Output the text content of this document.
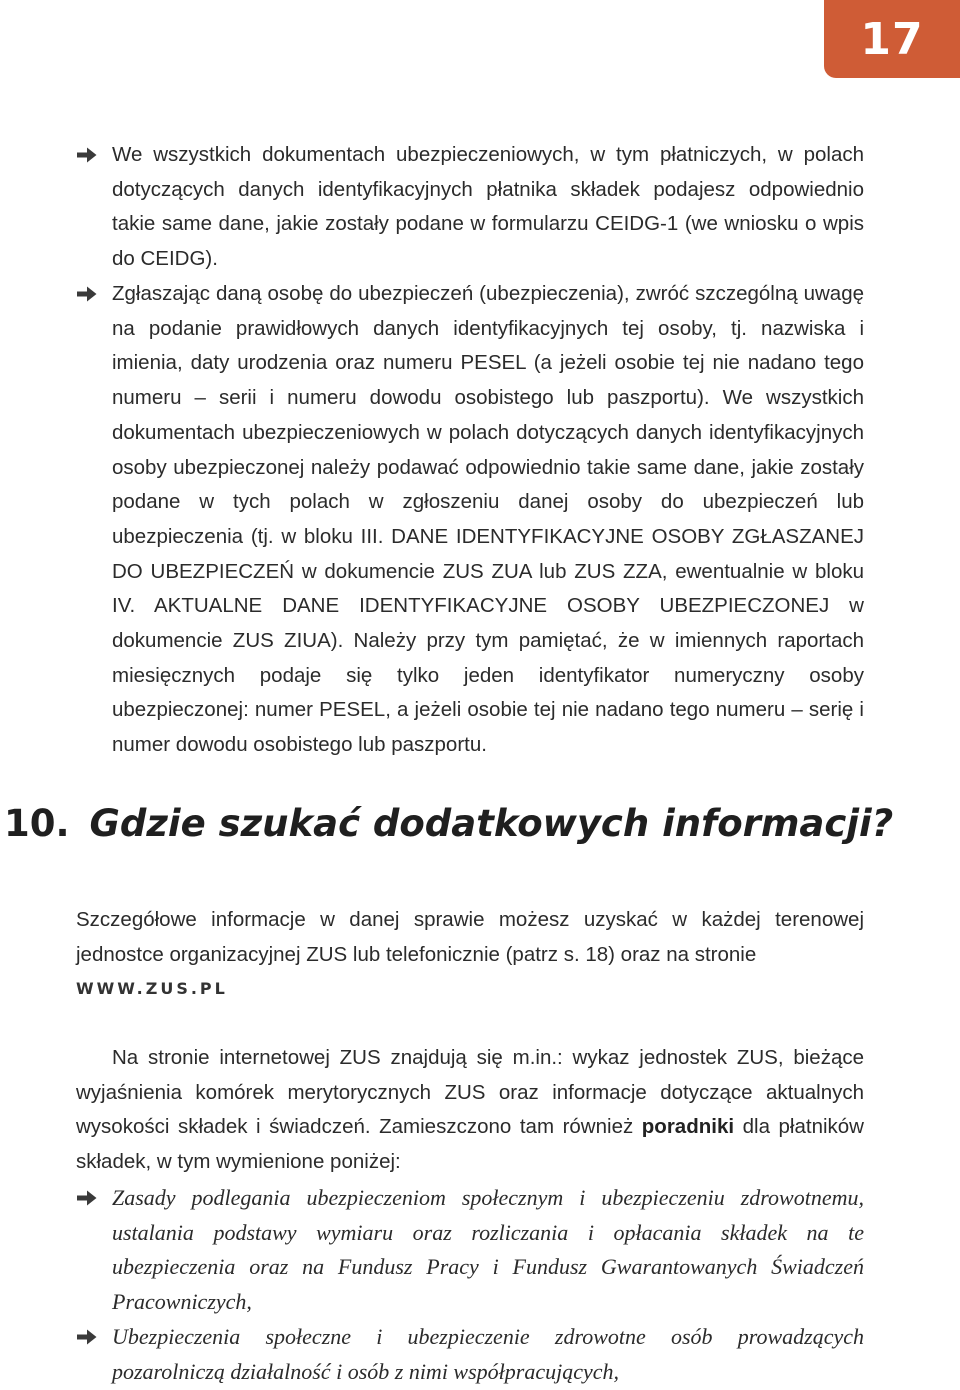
17
We wszystkich dokumentach ubezpieczeniowych, w tym płatniczych, w polach dotyczących danych identyfikacyjnych płatnika składek podajesz odpowiednio takie same dane, jakie zostały podane w formularzu CEIDG-1 (we wniosku o wpis do CEIDG).
Zgłaszając daną osobę do ubezpieczeń (ubezpieczenia), zwróć szczególną uwagę na podanie prawidłowych danych identyfikacyjnych tej osoby, tj. nazwiska i imienia, daty urodzenia oraz numeru PESEL (a jeżeli osobie tej nie nadano tego numeru – serii i numeru dowodu osobistego lub paszportu). We wszystkich dokumentach ubezpieczeniowych w polach dotyczących danych identyfikacyjnych osoby ubezpieczonej należy podawać odpowiednio takie same dane, jakie zostały podane w tych polach w zgłoszeniu danej osoby do ubezpieczeń lub ubezpieczenia (tj. w bloku III. DANE IDENTYFIKACYJNE OSOBY ZGŁASZANEJ DO UBEZPIECZEŃ w dokumencie ZUS ZUA lub ZUS ZZA, ewentualnie w bloku IV. AKTUALNE DANE IDENTYFIKACYJNE OSOBY UBEZPIECZONEJ w dokumencie ZUS ZIUA). Należy przy tym pamiętać, że w imiennych raportach miesięcznych podaje się tylko jeden identyfikator numeryczny osoby ubezpieczonej: numer PESEL, a jeżeli osobie tej nie nadano tego numeru – serię i numer dowodu osobistego lub paszportu.
10. Gdzie szukać dodatkowych informacji?
Szczegółowe informacje w danej sprawie możesz uzyskać w każdej terenowej jednostce organizacyjnej ZUS lub telefonicznie (patrz s. 18) oraz na stronie
WWW.ZUS.PL
Na stronie internetowej ZUS znajdują się m.in.: wykaz jednostek ZUS, bieżące wyjaśnienia komórek merytorycznych ZUS oraz informacje dotyczące aktualnych wysokości składek i świadczeń. Zamieszczono tam również poradniki dla płatników składek, w tym wymienione poniżej:
Zasady podlegania ubezpieczeniom społecznym i ubezpieczeniu zdrowotnemu, ustalania podstawy wymiaru oraz rozliczania i opłacania składek na te ubezpieczenia oraz na Fundusz Pracy i Fundusz Gwarantowanych Świadczeń Pracowniczych,
Ubezpieczenia społeczne i ubezpieczenie zdrowotne osób prowadzących pozarolniczą działalność i osób z nimi współpracujących,
